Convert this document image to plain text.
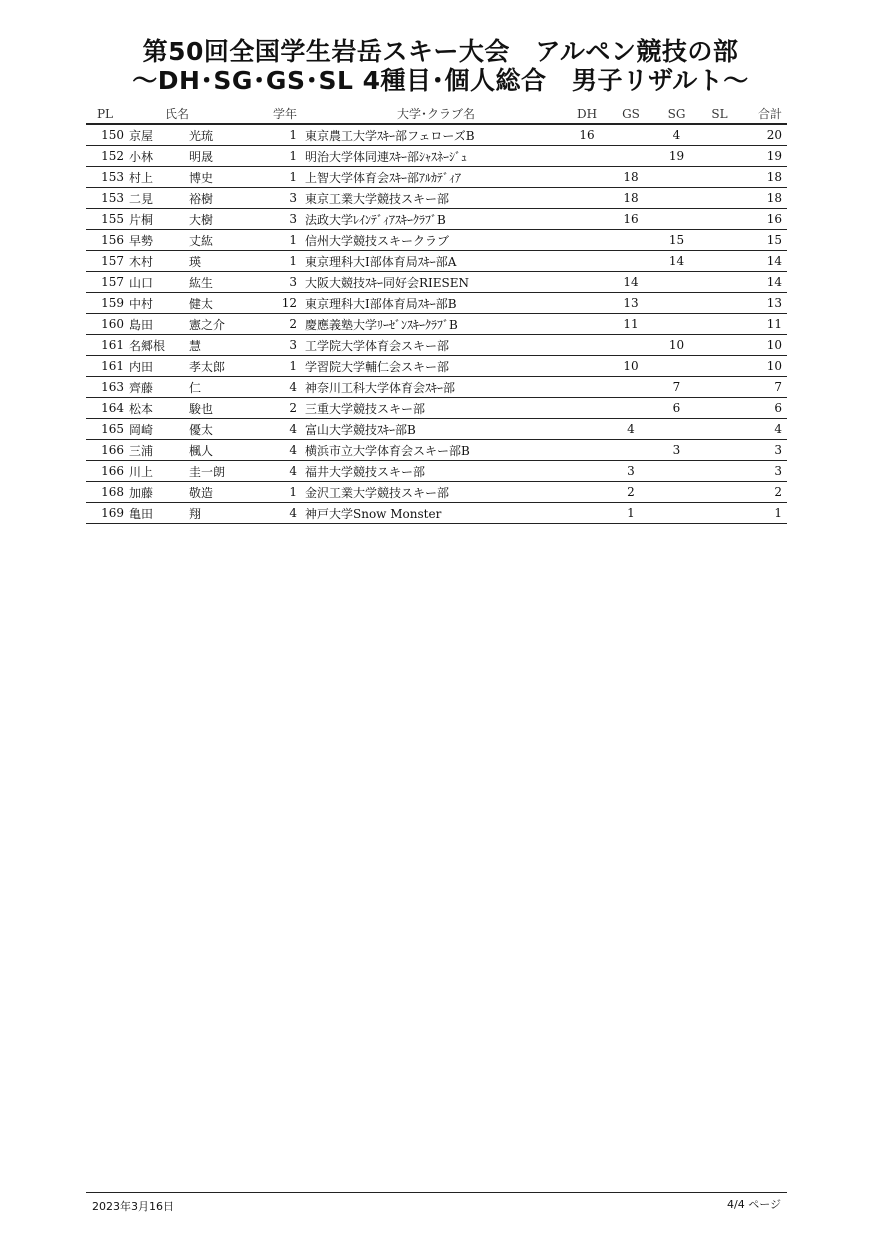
第50回全国学生岩岳スキー大会　アルペン競技の部
〜DH･SG･GS･SL 4種目･個人総合　男子リザルト〜
PL	氏名		学年	大学･クラブ名	DH	GS	SG	SL	合計
150	京屋	光琉	1	東京農工大学ｽｷｰ部フェローズB	16		4		20
152	小林	明晟	1	明治大学体同連ｽｷｰ部ｼｬｽﾈｰｼﾞｭ			19		19
153	村上	博史	1	上智大学体育会ｽｷｰ部ｱﾙｶﾃﾞｨｱ		18			18
153	二見	裕樹	3	東京工業大学競技スキー部		18			18
155	片桐	大樹	3	法政大学ﾚｲﾝﾃﾞｨｱｽｷｰｸﾗﾌﾞB		16			16
156	早勢	丈紘	1	信州大学競技スキークラブ			15		15
157	木村	瑛	1	東京理科大Ⅰ部体育局ｽｷｰ部A			14		14
157	山口	紘生	3	大阪大競技ｽｷｰ同好会RIESEN		14			14
159	中村	健太	12	東京理科大Ⅰ部体育局ｽｷｰ部B		13			13
160	島田	憲之介	2	慶應義塾大学ﾘｰｾﾞﾝｽｷｰｸﾗﾌﾞB		11			11
161	名郷根	慧	3	工学院大学体育会スキー部			10		10
161	内田	孝太郎	1	学習院大学輔仁会スキー部		10			10
163	齊藤	仁	4	神奈川工科大学体育会ｽｷｰ部			7		7
164	松本	駿也	2	三重大学競技スキー部			6		6
165	岡崎	優太	4	富山大学競技ｽｷｰ部B		4			4
166	三浦	楓人	4	横浜市立大学体育会スキー部B			3		3
166	川上	圭一朗	4	福井大学競技スキー部		3			3
168	加藤	敬造	1	金沢工業大学競技スキー部		2			2
169	亀田	翔	4	神戸大学Snow Monster		1			1
2023年3月16日	4/4 ページ
